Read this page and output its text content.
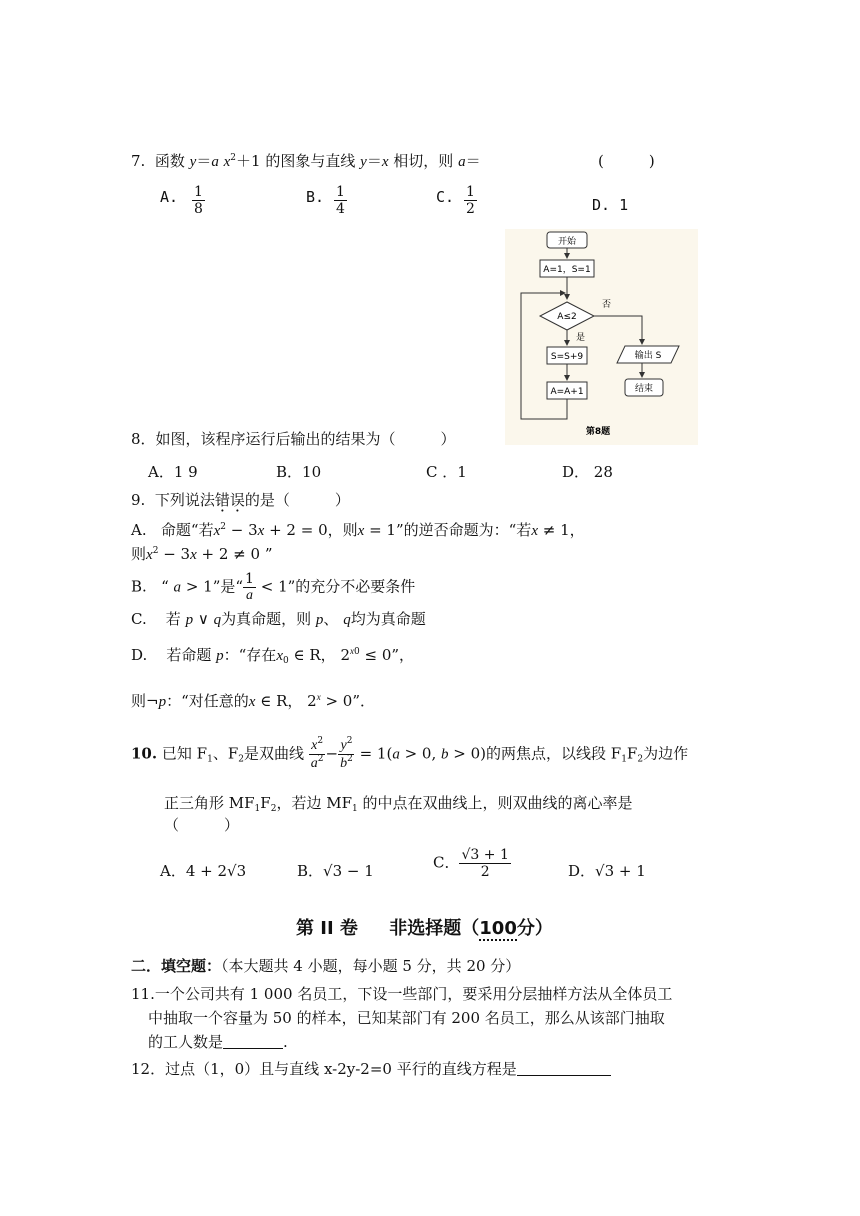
7. 函数 y＝a $x^2+1$ 的图象与直线 y＝x 相切，则 a＝	(　　　)
A. $\frac{1}{8}$	B. $\frac{1}{4}$	C. $\frac{1}{2}$	D. 1
开始
A=1，S=1
A≤2
否
输出 S
结束
是
S=S+9
A=A+1
第8题
8．如图，该程序运行后输出的结果为（　　　）
A．1 9	B．10	C ．1	D． 28
9. 下列说法错误的是（　　　）
A. 命题“若$x^2 - 3x + 2 = 0$，则x = 1”的逆否命题为：“若x ≠ 1，
则$x^2 - 3x + 2 \ne 0$ ”
B.   “ a > 1”是“ $\frac{1}{a} < 1$”的充分不必要条件
C. 若 p ∨ q为真命题，则 p、 q均为真命题
D. 若命题 p：“存在$x_0$ ∈ R， $2^{x0} \le 0$”，
则¬p：“对任意的x ∈ R， $2^x > 0$”．
10. 已知 $F_1$、$F_2$是双曲线 $\frac{x^2}{a^2} - \frac{y^2}{b^2} = 1(a > 0$, b > 0)的两焦点，以线段 $F_1F_2$为边作
正三角形 $MF_1F_2$，若边 $MF_1$ 的中点在双曲线上，则双曲线的离心率是
（　　　）
A．4 + 2√3	B．√3 − 1	C． $\frac{√3 + 1}{2}$	D．√3 + 1
第 II 卷 非选择题（100分）
二．填空题：（本大题共 4 小题，每小题 5 分，共 20 分）
11.一个公司共有 1 000 名员工，下设一些部门，要采用分层抽样方法从全体员工
中抽取一个容量为 50 的样本，已知某部门有 200 名员工，那么从该部门抽取
的工人数是	.
12．过点（1，0）且与直线 x-2y-2=0 平行的直线方程是
